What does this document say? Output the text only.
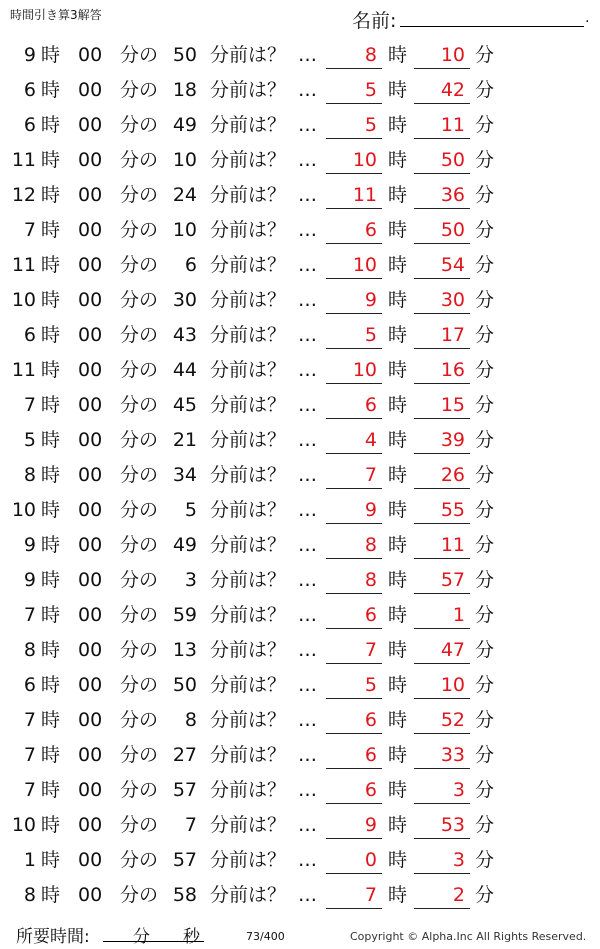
時間引き算3解答	名前:	.
9 時 00 分の 50 分前は？ …	8 時	10 分
6 時 00 分の 18 分前は？ …	5 時	42 分
6 時 00 分の 49 分前は？ …	5 時	11 分
11 時 00 分の 10 分前は？ …	10 時	50 分
12 時 00 分の 24 分前は？ …	11 時	36 分
7 時 00 分の 10 分前は？ …	6 時	50 分
11 時 00 分の	6 分前は？ …	10 時	54 分
10 時 00 分の 30 分前は？ …	9 時	30 分
6 時 00 分の 43 分前は？ …	5 時	17 分
11 時 00 分の 44 分前は？ …	10 時	16 分
7 時 00 分の 45 分前は？ …	6 時	15 分
5 時 00 分の 21 分前は？ …	4 時	39 分
8 時 00 分の 34 分前は？ …	7 時	26 分
10 時 00 分の	5 分前は？ …	9 時	55 分
9 時 00 分の 49 分前は？ …	8 時	11 分
9 時 00 分の	3 分前は？ …	8 時	57 分
7 時 00 分の 59 分前は？ …	6 時	1 分
8 時 00 分の 13 分前は？ …	7 時	47 分
6 時 00 分の 50 分前は？ …	5 時	10 分
7 時 00 分の	8 分前は？ …	6 時	52 分
7 時 00 分の 27 分前は？ …	6 時	33 分
7 時 00 分の 57 分前は？ …	6 時	3 分
10 時 00 分の	7 分前は？ …	9 時	53 分
1 時 00 分の 57 分前は？ …	0 時	3 分
8 時 00 分の 58 分前は？ …	7 時	2 分
所要時間:	分 秒	73/400	Copyright © Alpha.Inc All Rights Reserved.
